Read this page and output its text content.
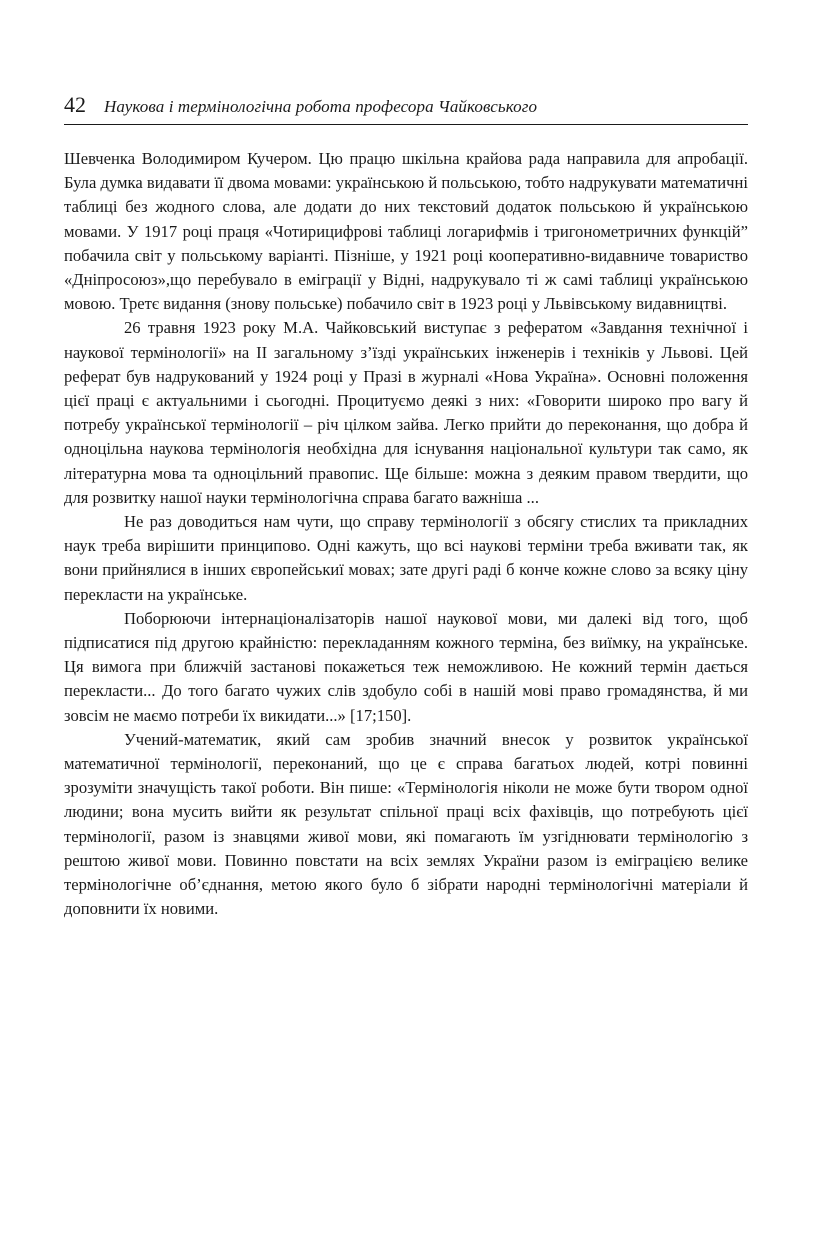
42 Наукова і термінологічна робота професора Чайковського

Шевченка Володимиром Кучером. Цю працю шкільна крайова рада направила для апробації. Була думка видавати її двома мовами: українською й польською, тобто надрукувати математичні таблиці без жодного слова, але додати до них текстовий додаток польською й українською мовами. У 1917 році праця «Чотирицифрові таблиці логарифмів і тригонометричних функцій” побачила світ у польському варіанті. Пізніше, у 1921 році кооперативно-видавниче товариство «Дніпросоюз»,що перебувало в еміграції у Відні, надрукувало ті ж самі таблиці українською мовою. Третє видання (знову польське) побачило світ в 1923 році у Львівському видавництві.

26 травня 1923 року М.А. Чайковський виступає з рефератом «Завдання технічної і наукової термінології» на II загальному з’їзді українських інженерів і техніків у Львові. Цей реферат був надрукований у 1924 році у Празі в журналі «Нова Україна». Основні положення цієї праці є актуальними і сьогодні. Процитуємо деякі з них: «Говорити широко про вагу й потребу української термінології – річ цілком зайва. Легко прийти до переконання, що добра й одноцільна наукова термінологія необхідна для існування національної культури так само, як літературна мова та одноцільний правопис. Ще більше: можна з деяким правом твердити, що для розвитку нашої науки термінологічна справа багато важніша ...

Не раз доводиться нам чути, що справу термінології з обсягу стислих та прикладних наук треба вирішити принципово. Одні кажуть, що всі наукові терміни треба вживати так, як вони прийнялися в інших європейськиї мовах; зате другі раді б конче кожне слово за всяку ціну перекласти на українське.

Поборюючи інтернаціоналізаторів нашої наукової мови, ми далекі від того, щоб підписатися під другою крайністю: перекладанням кожного терміна, без виїмку, на українське. Ця вимога при ближчій застанові покажеться теж неможливою. Не кожний термін дається перекласти... До того багато чужих слів здобуло собі в нашій мові право громадянства, й ми зовсім не маємо потреби їх викидати...» [17;150].

Учений-математик, який сам зробив значний внесок у розвиток української математичної термінології, переконаний, що це є справа багатьох людей, котрі повинні зрозуміти значущість такої роботи. Він пише: «Термінологія ніколи не може бути твором одної людини; вона мусить вийти як результат спільної праці всіх фахівців, що потребують цієї термінології, разом із знавцями живої мови, які помагають їм узгіднювати термінологію з рештою живої мови. Повинно повстати на всіх землях України разом із еміграцією велике термінологічне об’єднання, метою якого було б зібрати народні термінологічні матеріали й доповнити їх новими.
